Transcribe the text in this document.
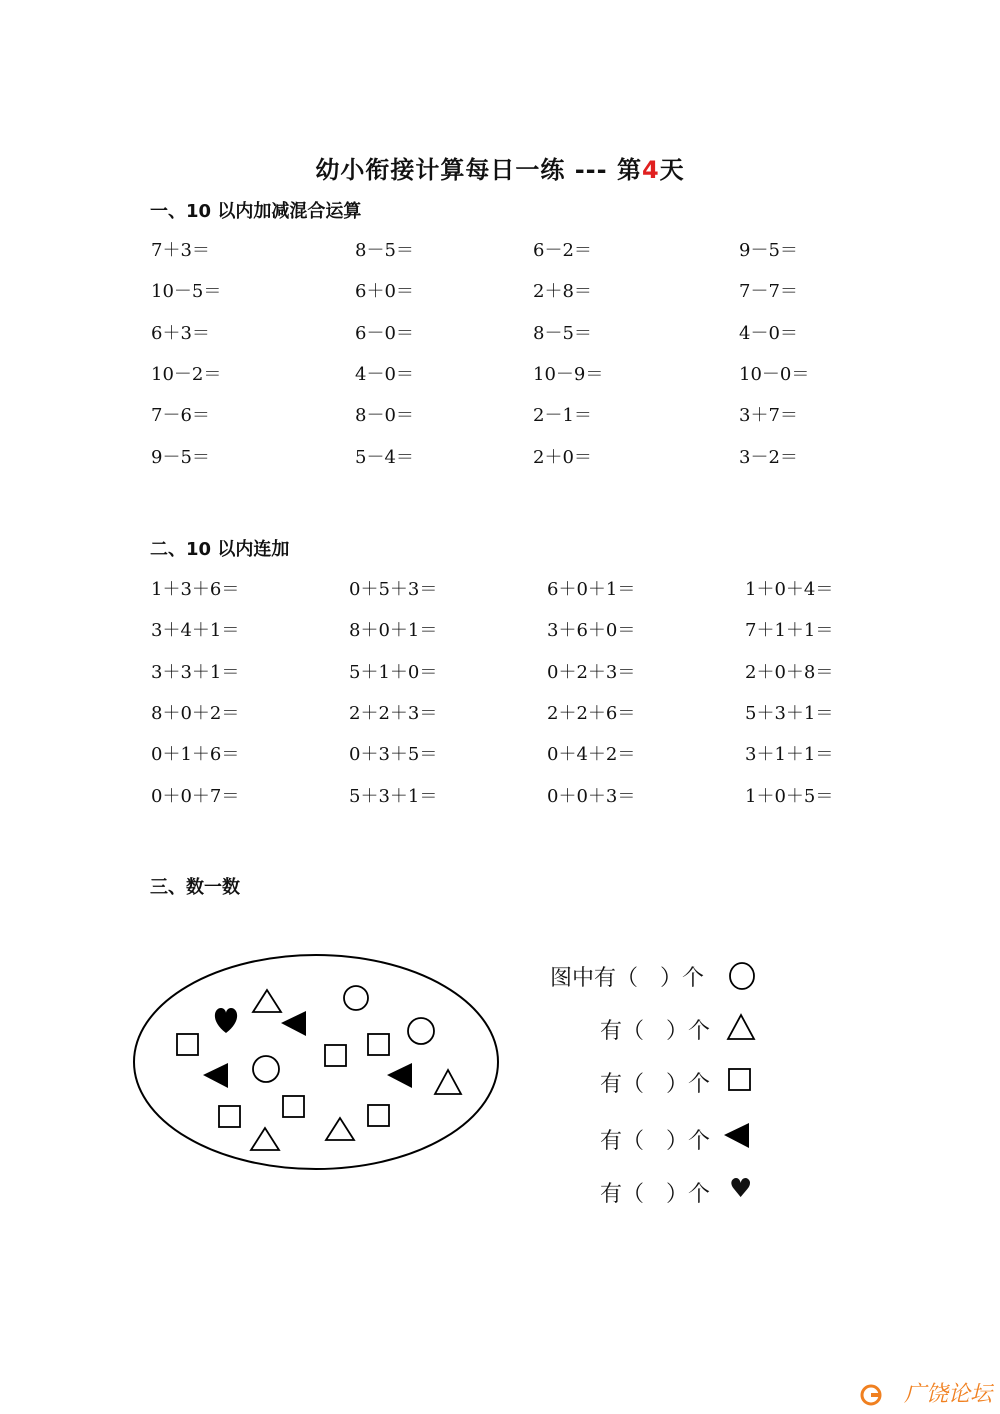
幼小衔接计算每日一练 --- 第4天
一、10 以内加减混合运算
7＋3＝	8－5＝	6－2＝	9－5＝
10－5＝	6＋0＝	2＋8＝	7－7＝
6＋3＝	6－0＝	8－5＝	4－0＝
10－2＝	4－0＝	10－9＝	10－0＝
7－6＝	8－0＝	2－1＝	3＋7＝
9－5＝	5－4＝	2＋0＝	3－2＝
二、10 以内连加
1＋3＋6＝	0＋5＋3＝	6＋0＋1＝	1＋0＋4＝
3＋4＋1＝	8＋0＋1＝	3＋6＋0＝	7＋1＋1＝
3＋3＋1＝	5＋1＋0＝	0＋2＋3＝	2＋0＋8＝
8＋0＋2＝	2＋2＋3＝	2＋2＋6＝	5＋3＋1＝
0＋1＋6＝	0＋3＋5＝	0＋4＋2＝	3＋1＋1＝
0＋0＋7＝	5＋3＋1＝	0＋0＋3＝	1＋0＋5＝
三、数一数
图中有（　）个
有（　）个
有（　）个
有（　）个
有（　）个 ♥
广饶论坛
